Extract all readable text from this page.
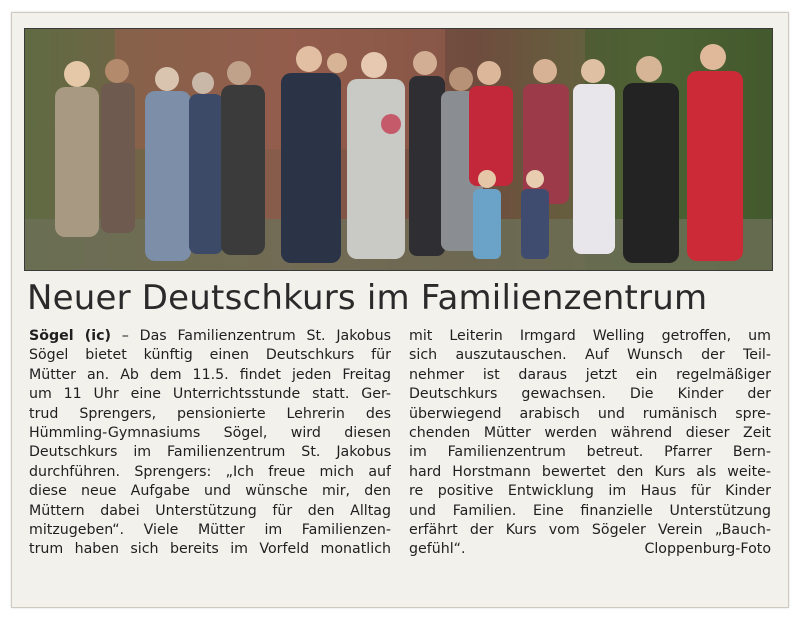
Neuer Deutschkurs im Familienzentrum
Sögel (ic) – Das Familienzentrum St. Jakobus
Sögel bietet künftig einen Deutschkurs für
Mütter an. Ab dem 11.5. findet jeden Freitag
um 11 Uhr eine Unterrichtsstunde statt. Ger-
trud Sprengers, pensionierte Lehrerin des
Hümmling-Gymnasiums Sögel, wird diesen
Deutschkurs im Familienzentrum St. Jakobus
durchführen. Sprengers: „Ich freue mich auf
diese neue Aufgabe und wünsche mir, den
Müttern dabei Unterstützung für den Alltag
mitzugeben“. Viele Mütter im Familienzen-
trum haben sich bereits im Vorfeld monatlich
mit Leiterin Irmgard Welling getroffen, um
sich auszutauschen. Auf Wunsch der Teil-
nehmer ist daraus jetzt ein regelmäßiger
Deutschkurs gewachsen. Die Kinder der
überwiegend arabisch und rumänisch spre-
chenden Mütter werden während dieser Zeit
im Familienzentrum betreut. Pfarrer Bern-
hard Horstmann bewertet den Kurs als weite-
re positive Entwicklung im Haus für Kinder
und Familien. Eine finanzielle Unterstützung
erfährt der Kurs vom Sögeler Verein „Bauch-
gefühl“.	Cloppenburg-Foto
